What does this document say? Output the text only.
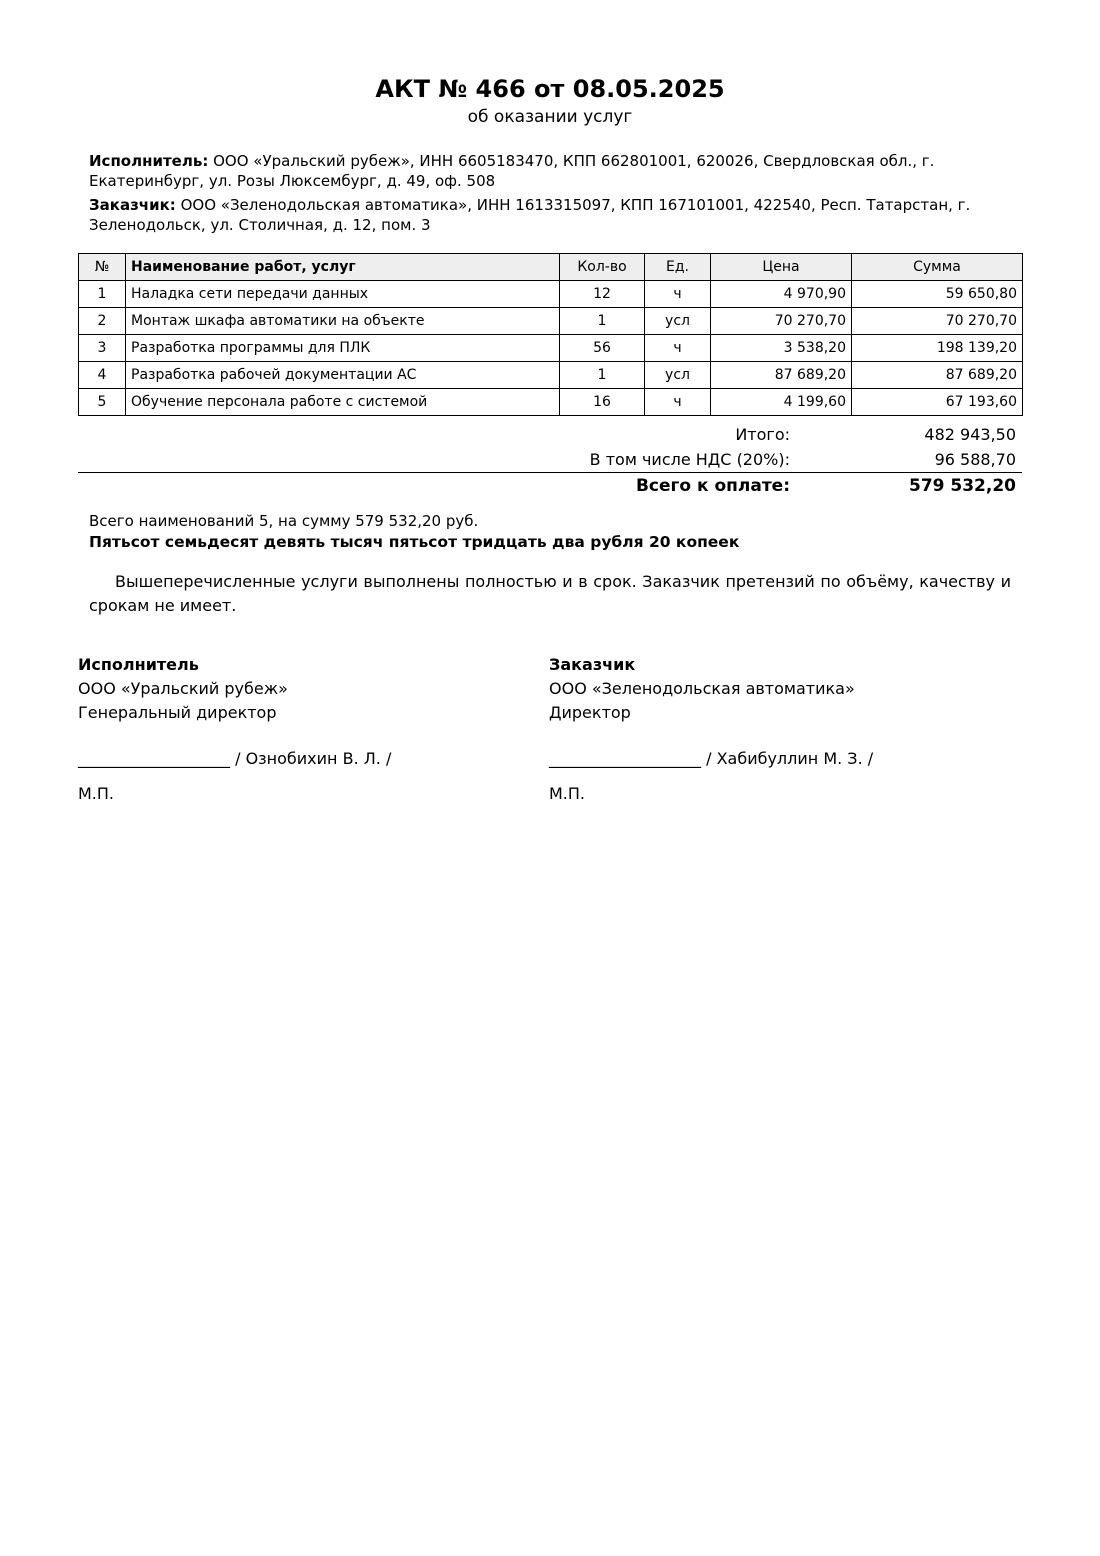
АКТ № 466 от 08.05.2025
об оказании услуг
Исполнитель: ООО «Уральский рубеж», ИНН 6605183470, КПП 662801001, 620026, Свердловская обл., г. Екатеринбург, ул. Розы Люксембург, д. 49, оф. 508
Заказчик: ООО «Зеленодольская автоматика», ИНН 1613315097, КПП 167101001, 422540, Респ. Татарстан, г. Зеленодольск, ул. Столичная, д. 12, пом. 3
№	Наименование работ, услуг	Кол-во	Ед.	Цена	Сумма
1	Наладка сети передачи данных	12	ч	4 970,90	59 650,80
2	Монтаж шкафа автоматики на объекте	1	усл	70 270,70	70 270,70
3	Разработка программы для ПЛК	56	ч	3 538,20	198 139,20
4	Разработка рабочей документации АС	1	усл	87 689,20	87 689,20
5	Обучение персонала работе с системой	16	ч	4 199,60	67 193,60
Итого:	482 943,50
В том числе НДС (20%):	96 588,70
Всего к оплате:	579 532,20
Всего наименований 5, на сумму 579 532,20 руб.
Пятьсот семьдесят девять тысяч пятьсот тридцать два рубля 20 копеек
Вышеперечисленные услуги выполнены полностью и в срок. Заказчик претензий по объёму, качеству и срокам не имеет.
Исполнитель
ООО «Уральский рубеж»
Генеральный директор
___________________ / Ознобихин В. Л. /
М.П.
Заказчик
ООО «Зеленодольская автоматика»
Директор
___________________ / Хабибуллин М. З. /
М.П.
